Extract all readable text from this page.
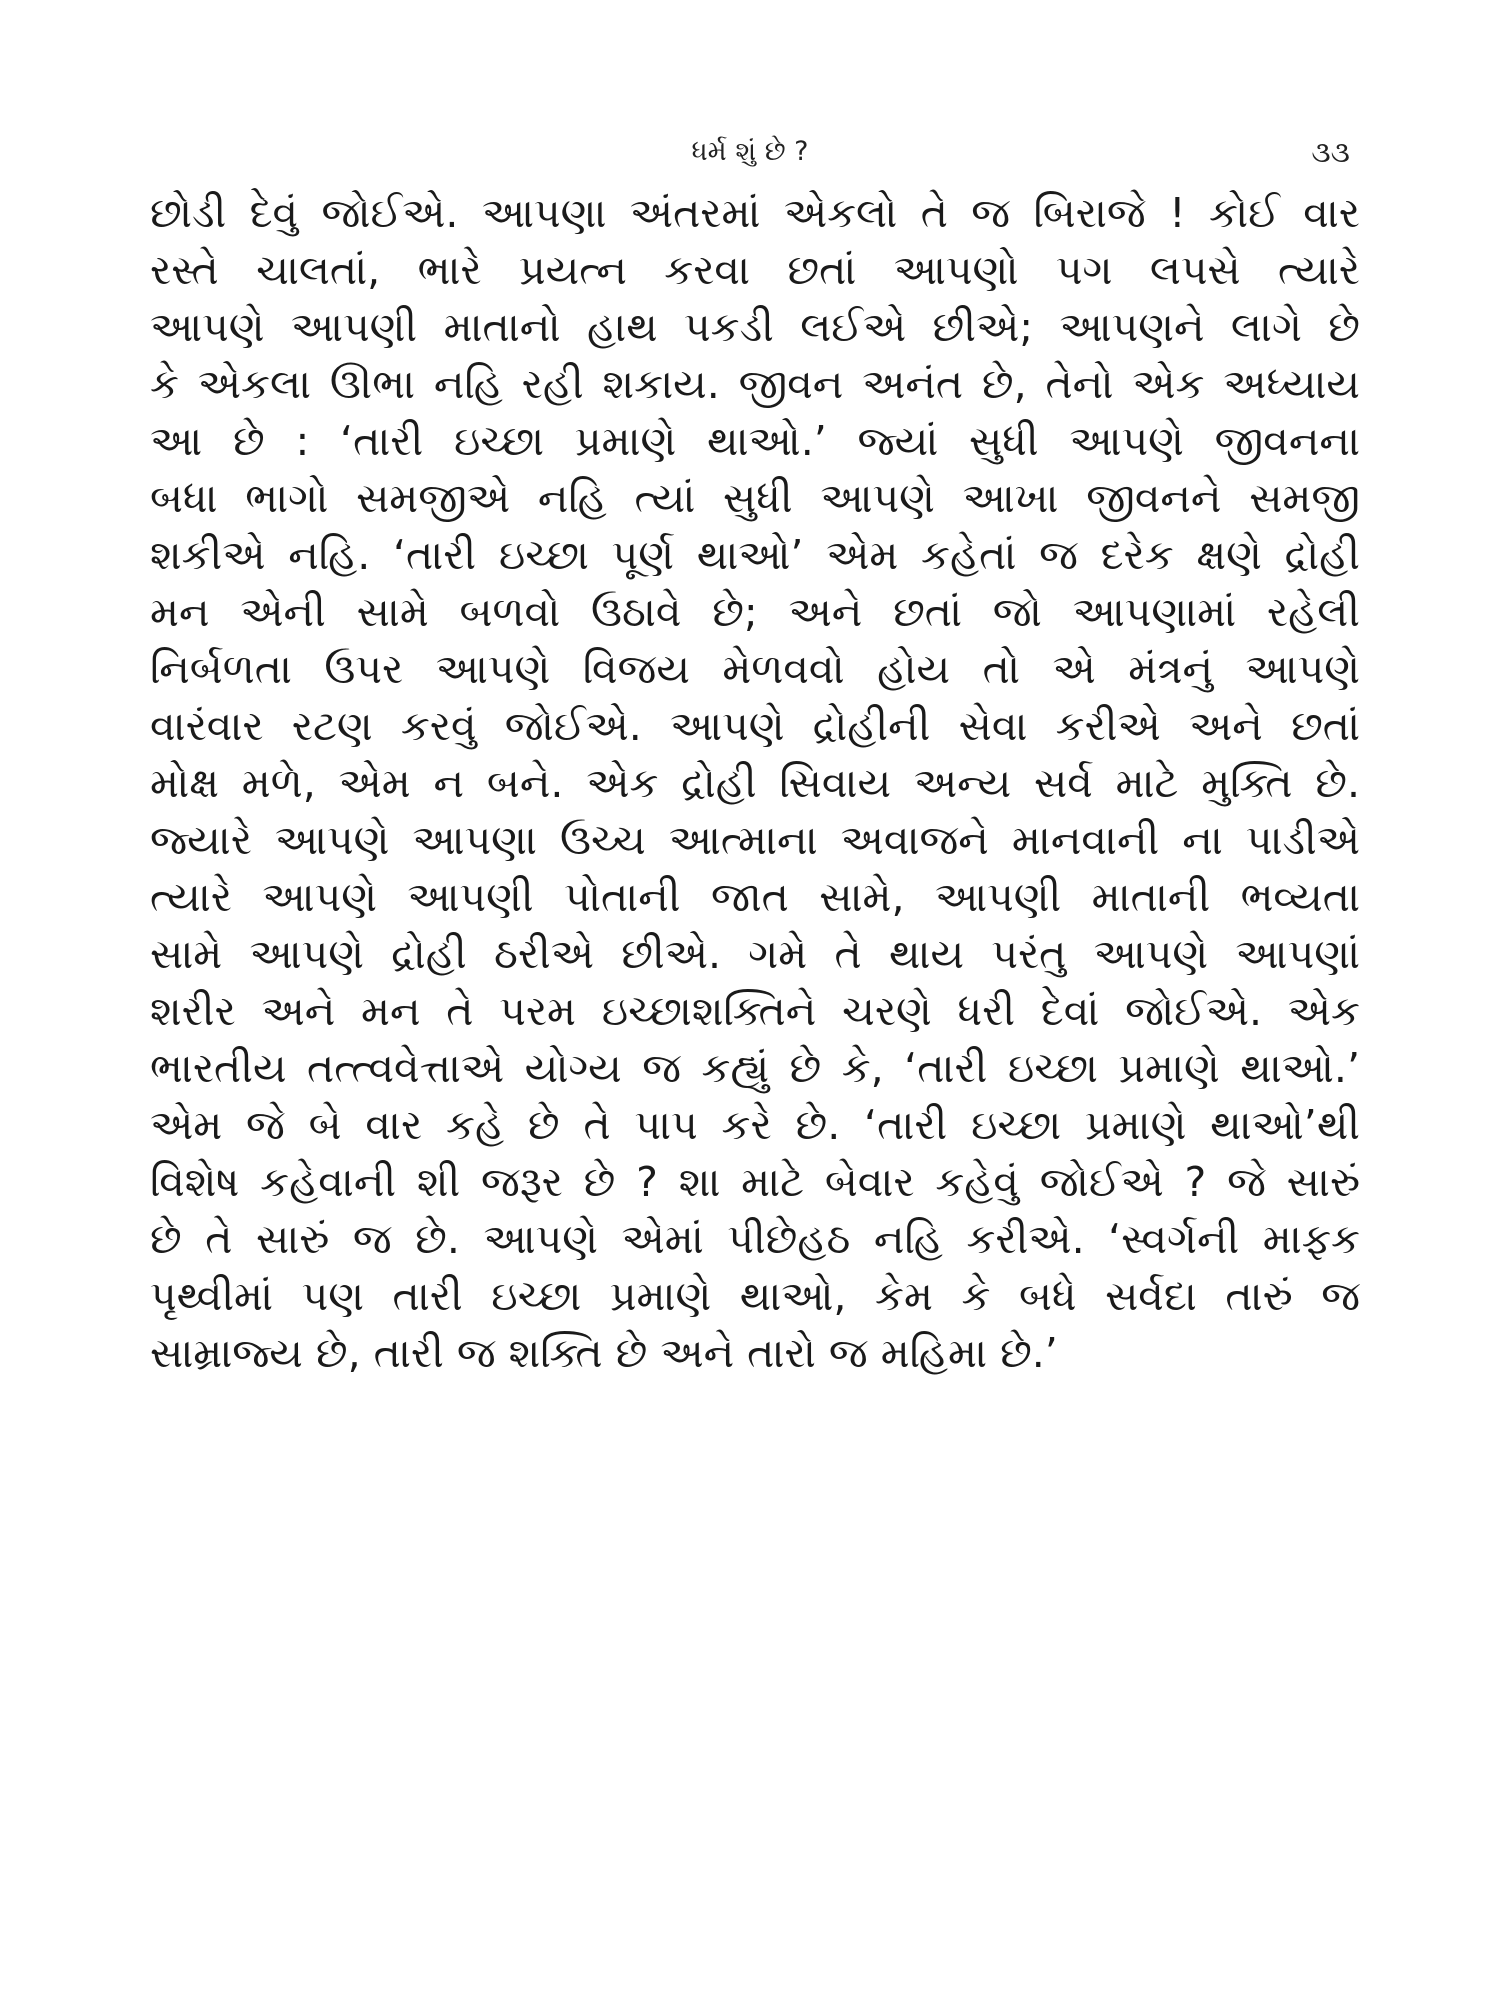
ધર્મ શું છે ?	૩૩
છોડી દેવું જોઈએ. આપણા અંતરમાં એકલો તે જ બિરાજે ! કોઈ વાર
રસ્તે ચાલતાં, ભારે પ્રયત્ન કરવા છતાં આપણો પગ લપસે ત્યારે
આપણે આપણી માતાનો હાથ પકડી લઈએ છીએ; આપણને લાગે છે
કે એકલા ઊભા નહિ રહી શકાય. જીવન અનંત છે, તેનો એક અધ્યાય
આ છે : ‘તારી ઇચ્છા પ્રમાણે થાઓ.’ જ્યાં સુધી આપણે જીવનના
બધા ભાગો સમજીએ નહિ ત્યાં સુધી આપણે આખા જીવનને સમજી
શકીએ નહિ. ‘તારી ઇચ્છા પૂર્ણ થાઓ’ એમ કહેતાં જ દરેક ક્ષણે દ્રોહી
મન એની સામે બળવો ઉઠાવે છે; અને છતાં જો આપણામાં રહેલી
નિર્બળતા ઉપર આપણે વિજય મેળવવો હોય તો એ મંત્રનું આપણે
વારંવાર રટણ કરવું જોઈએ. આપણે દ્રોહીની સેવા કરીએ અને છતાં
મોક્ષ મળે, એમ ન બને. એક દ્રોહી સિવાય અન્ય સર્વ માટે મુક્તિ છે.
જ્યારે આપણે આપણા ઉચ્ચ આત્માના અવાજને માનવાની ના પાડીએ
ત્યારે આપણે આપણી પોતાની જાત સામે, આપણી માતાની ભવ્યતા
સામે આપણે દ્રોહી ઠરીએ છીએ. ગમે તે થાય પરંતુ આપણે આપણાં
શરીર અને મન તે પરમ ઇચ્છાશક્તિને ચરણે ધરી દેવાં જોઈએ. એક
ભારતીય તત્ત્વવેત્તાએ યોગ્ય જ કહ્યું છે કે, ‘તારી ઇચ્છા પ્રમાણે થાઓ.’
એમ જે બે વાર કહે છે તે પાપ કરે છે. ‘તારી ઇચ્છા પ્રમાણે થાઓ’થી
વિશેષ કહેવાની શી જરૂર છે ? શા માટે બેવાર કહેવું જોઈએ ? જે સારું
છે તે સારું જ છે. આપણે એમાં પીછેહઠ નહિ કરીએ. ‘સ્વર્ગની માફક
પૃથ્વીમાં પણ તારી ઇચ્છા પ્રમાણે થાઓ, કેમ કે બધે સર્વદા તારું જ
સામ્રાજ્ય છે, તારી જ શક્તિ છે અને તારો જ મહિમા છે.’
